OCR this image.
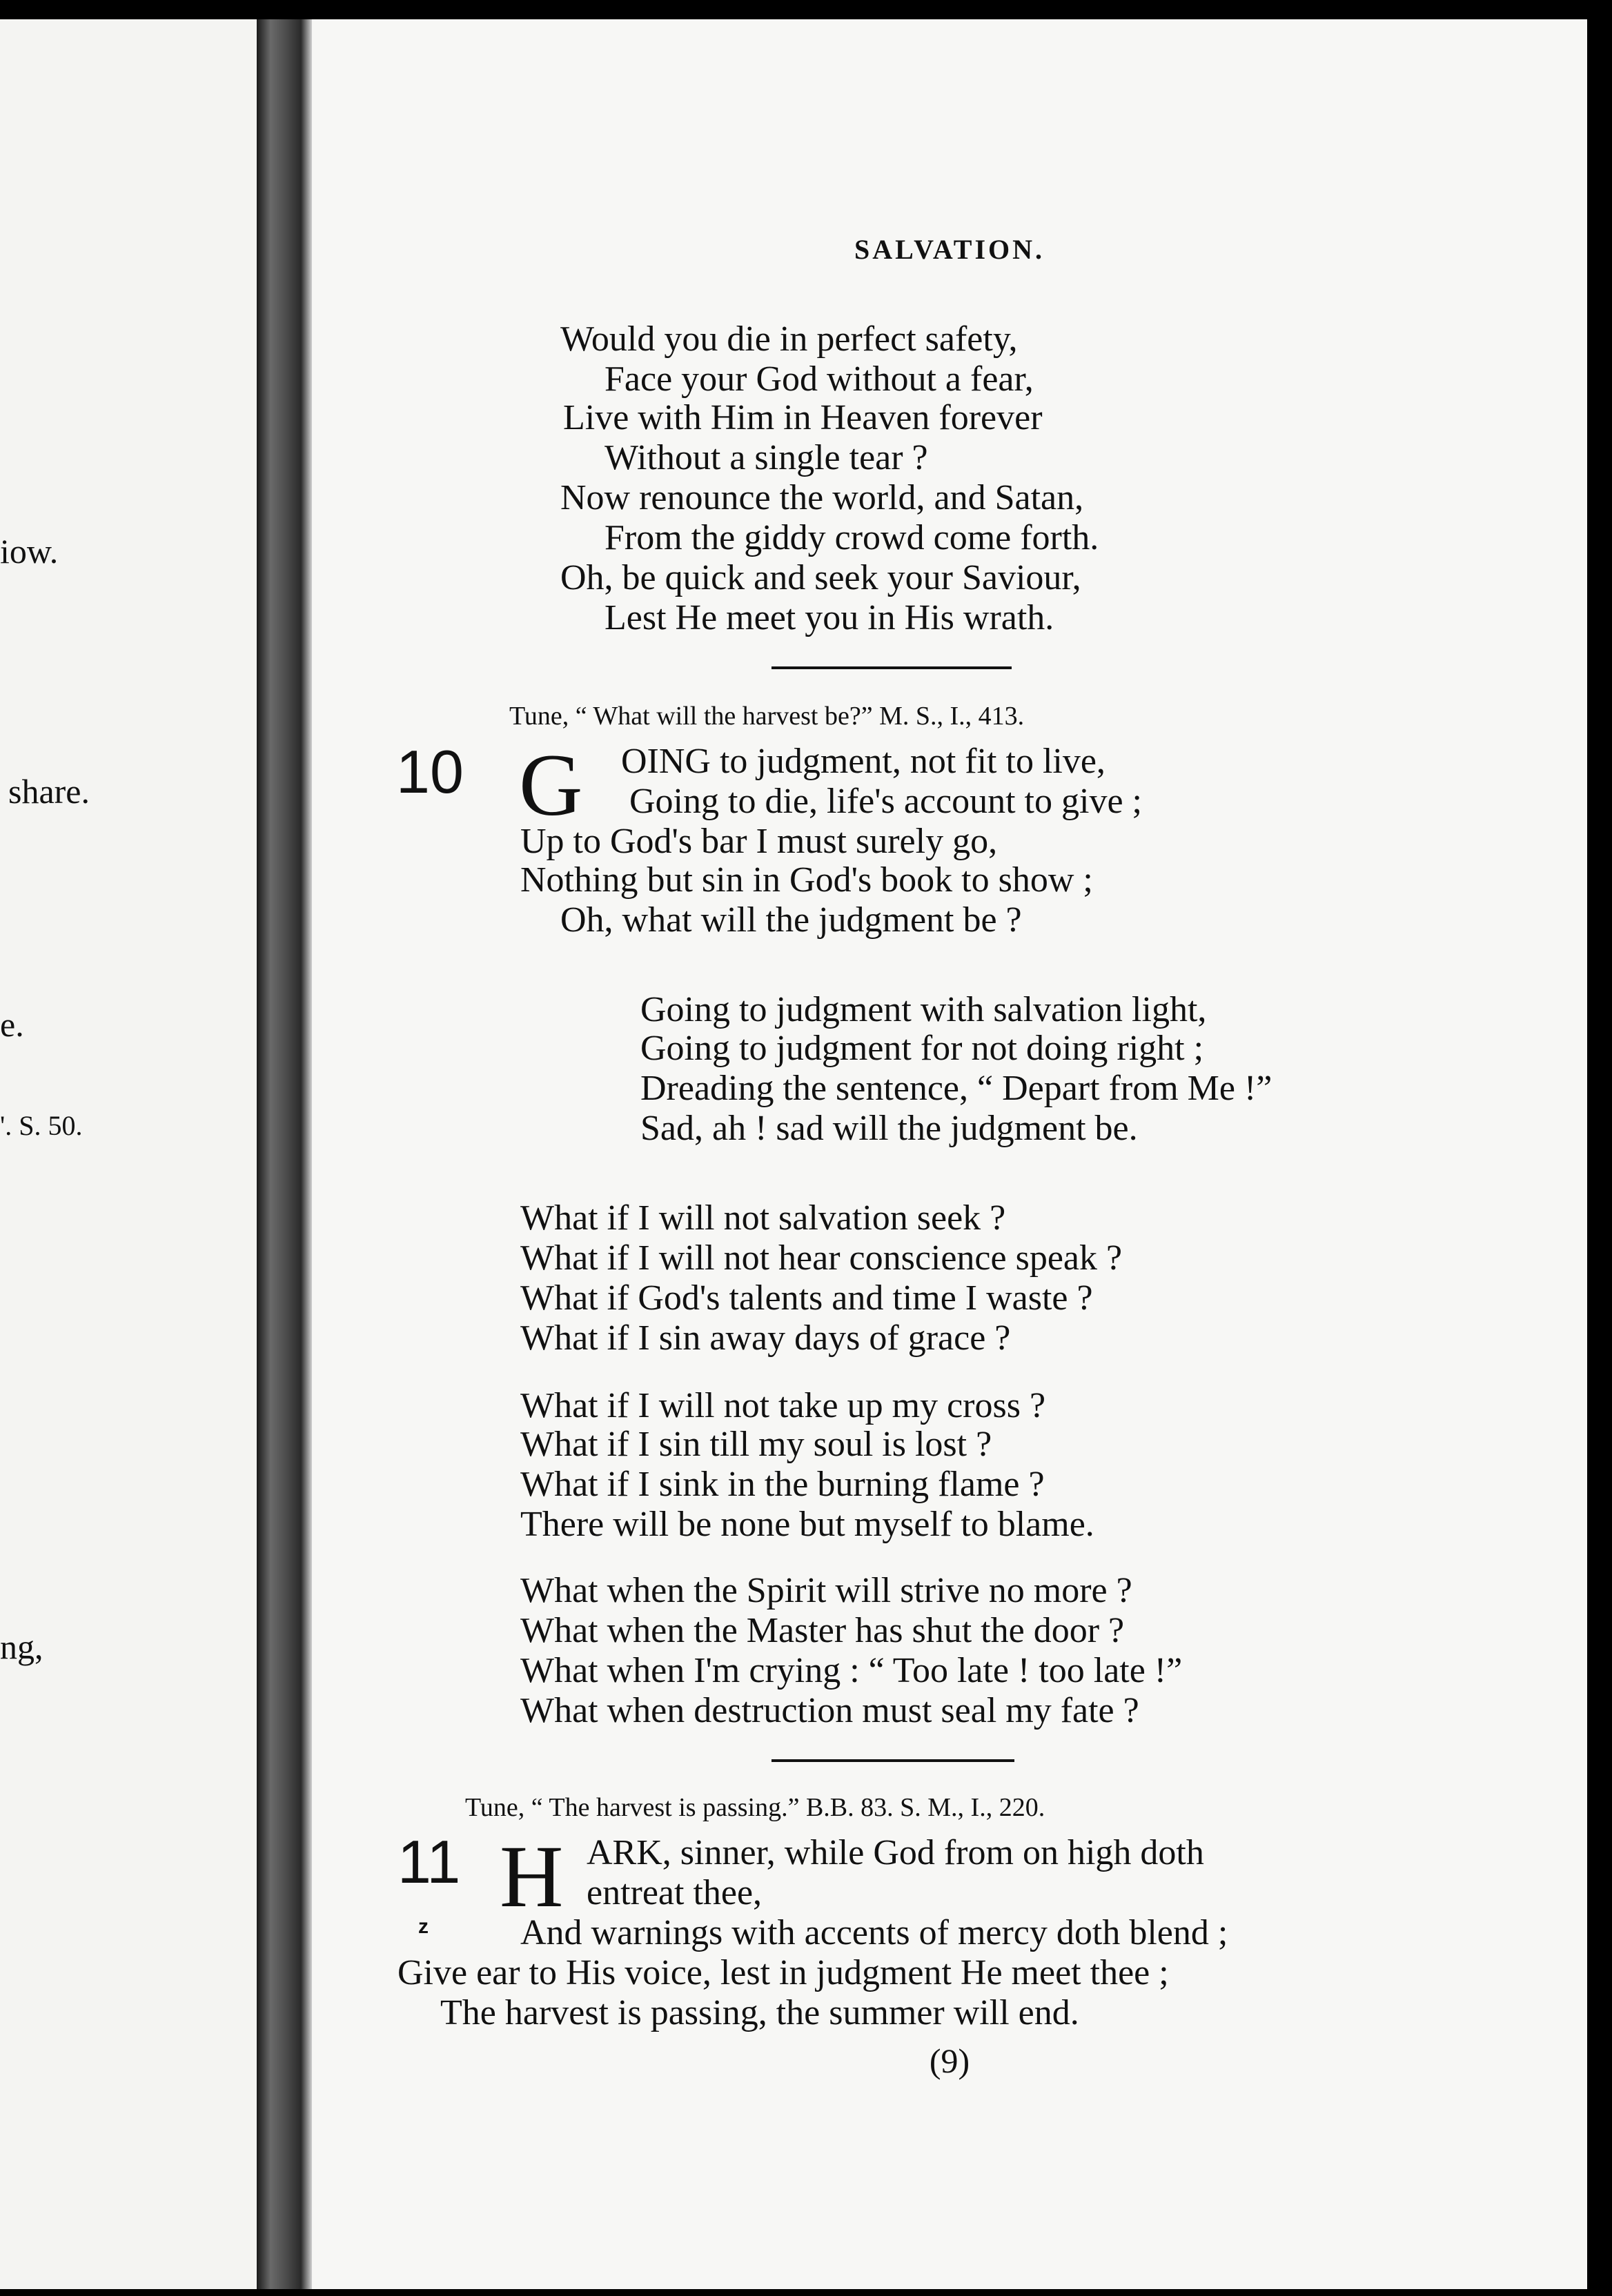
iow.
share.
e.
'. S. 50.
ng,
SALVATION.
Would you die in perfect safety,
Face your God without a fear,
Live with Him in Heaven forever
Without a single tear ?
Now renounce the world, and Satan,
From the giddy crowd come forth.
Oh, be quick and seek your Saviour,
Lest He meet you in His wrath.
Tune, “ What will the harvest be?” M. S., I., 413.
10 G OING to judgment, not fit to live,
Going to die, life's account to give ;
Up to God's bar I must surely go,
Nothing but sin in God's book to show ;
Oh, what will the judgment be ?
Going to judgment with salvation light,
Going to judgment for not doing right ;
Dreading the sentence, “ Depart from Me !”
Sad, ah ! sad will the judgment be.
What if I will not salvation seek ?
What if I will not hear conscience speak ?
What if God's talents and time I waste ?
What if I sin away days of grace ?
What if I will not take up my cross ?
What if I sin till my soul is lost ?
What if I sink in the burning flame ?
There will be none but myself to blame.
What when the Spirit will strive no more ?
What when the Master has shut the door ?
What when I'm crying : “ Too late ! too late !”
What when destruction must seal my fate ?
Tune, “ The harvest is passing.” B.B. 83. S. M., I., 220.
11 H ARK, sinner, while God from on high doth
entreat thee,
z	And warnings with accents of mercy doth blend ;
Give ear to His voice, lest in judgment He meet thee ;
The harvest is passing, the summer will end.
(9)
